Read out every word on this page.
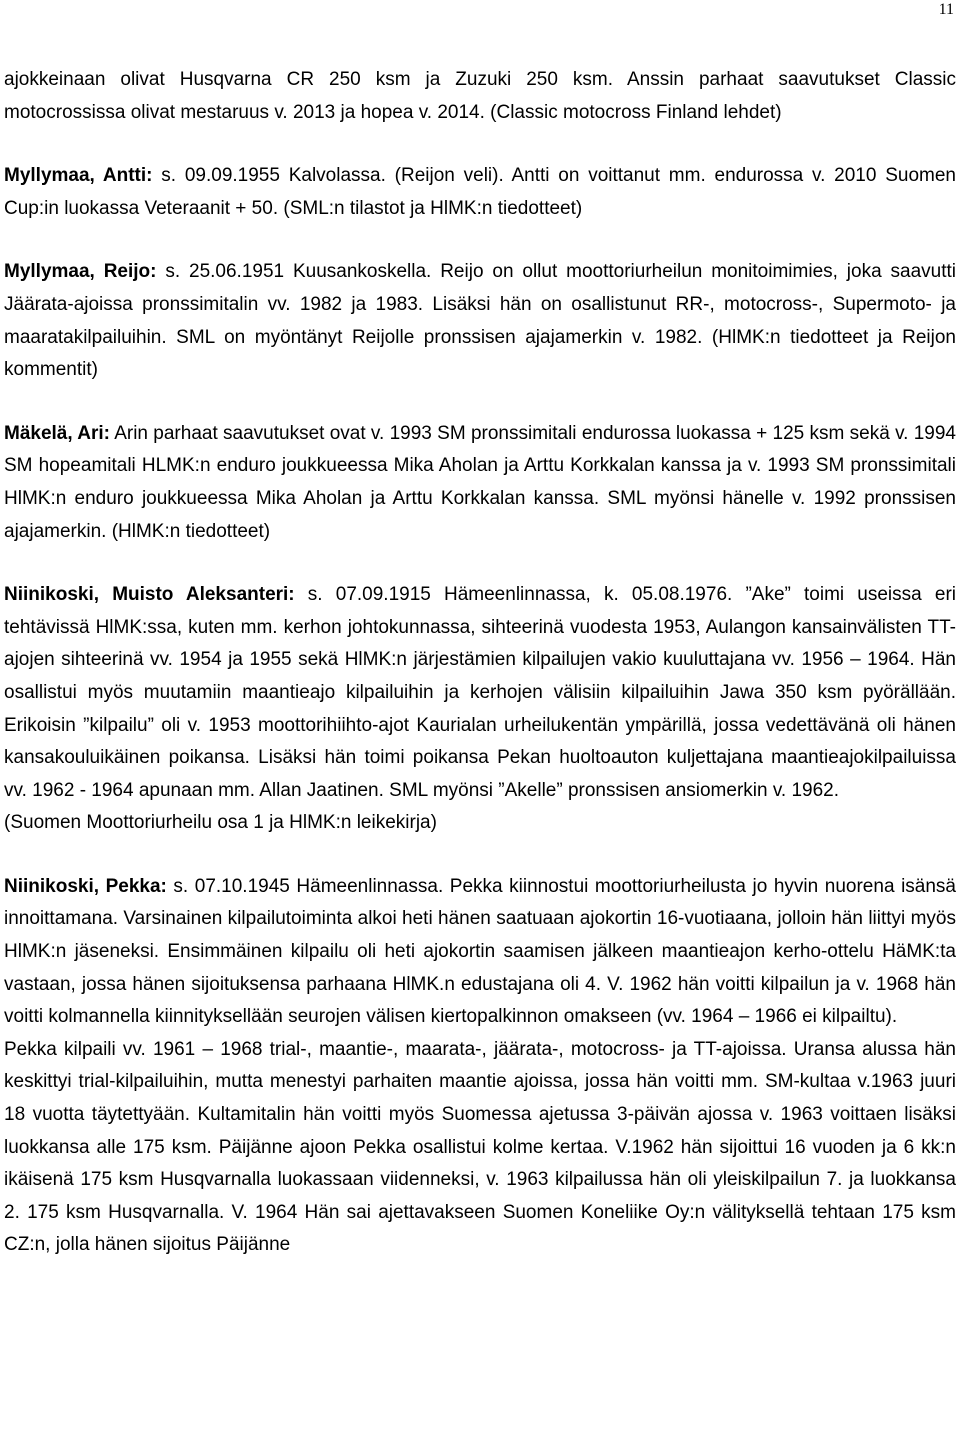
11

ajokkeinaan olivat Husqvarna CR 250 ksm ja Zuzuki 250 ksm. Anssin parhaat saavutukset Classic motocrossissa olivat mestaruus v. 2013 ja hopea v. 2014. (Classic motocross Finland lehdet)

Myllymaa, Antti: s. 09.09.1955 Kalvolassa. (Reijon veli). Antti on voittanut mm. endurossa v. 2010 Suomen Cup:in luokassa Veteraanit + 50. (SML:n tilastot ja HlMK:n tiedotteet)

Myllymaa, Reijo: s. 25.06.1951 Kuusankoskella. Reijo on ollut moottoriurheilun monitoimimies, joka saavutti Jäärata-ajoissa pronssimitalin vv. 1982 ja 1983. Lisäksi hän on osallistunut RR-, motocross-, Supermoto- ja maaratakilpailuihin. SML on myöntänyt Reijolle pronssisen ajajamerkin v. 1982. (HlMK:n tiedotteet ja Reijon kommentit)

Mäkelä, Ari: Arin parhaat saavutukset ovat v. 1993 SM pronssimitali endurossa luokassa + 125 ksm sekä v. 1994 SM hopeamitali HLMK:n enduro joukkueessa Mika Aholan ja Arttu Korkkalan kanssa ja v. 1993 SM pronssimitali HlMK:n enduro joukkueessa Mika Aholan ja Arttu Korkkalan kanssa. SML myönsi hänelle v. 1992 pronssisen ajajamerkin. (HlMK:n tiedotteet)

Niinikoski, Muisto Aleksanteri: s. 07.09.1915 Hämeenlinnassa, k. 05.08.1976. ”Ake” toimi useissa eri tehtävissä HlMK:ssa, kuten mm. kerhon johtokunnassa, sihteerinä vuodesta 1953, Aulangon kansainvälisten TT-ajojen sihteerinä vv. 1954 ja 1955 sekä HlMK:n järjestämien kilpailujen vakio kuuluttajana vv. 1956 – 1964. Hän osallistui myös muutamiin maantieajo kilpailuihin ja kerhojen välisiin kilpailuihin Jawa 350 ksm pyörällään. Erikoisin ”kilpailu” oli v. 1953 moottorihiihto-ajot Kaurialan urheilukentän ympärillä, jossa vedettävänä oli hänen kansakouluikäinen poikansa. Lisäksi hän toimi poikansa Pekan huoltoauton kuljettajana maantieajokilpailuissa vv. 1962 - 1964 apunaan mm. Allan Jaatinen. SML myönsi ”Akelle” pronssisen ansiomerkin v. 1962.

(Suomen Moottoriurheilu osa 1 ja HlMK:n leikekirja)

Niinikoski, Pekka: s. 07.10.1945 Hämeenlinnassa. Pekka kiinnostui moottoriurheilusta jo hyvin nuorena isänsä innoittamana. Varsinainen kilpailutoiminta alkoi heti hänen saatuaan ajokortin 16-vuotiaana, jolloin hän liittyi myös HlMK:n jäseneksi. Ensimmäinen kilpailu oli heti ajokortin saamisen jälkeen maantieajon kerho-ottelu HäMK:ta vastaan, jossa hänen sijoituksensa parhaana HlMK.n edustajana oli 4. V. 1962 hän voitti kilpailun ja v. 1968 hän voitti kolmannella kiinnityksellään seurojen välisen kiertopalkinnon omakseen (vv. 1964 – 1966 ei kilpailtu).

Pekka kilpaili vv. 1961 – 1968 trial-, maantie-, maarata-, jäärata-, motocross- ja TT-ajoissa. Uransa alussa hän keskittyi trial-kilpailuihin, mutta menestyi parhaiten maantie ajoissa, jossa hän voitti mm. SM-kultaa v.1963 juuri 18 vuotta täytettyään. Kultamitalin hän voitti myös Suomessa ajetussa 3-päivän ajossa v. 1963 voittaen lisäksi luokkansa alle 175 ksm. Päijänne ajoon Pekka osallistui kolme kertaa. V.1962 hän sijoittui 16 vuoden ja 6 kk:n ikäisenä 175 ksm Husqvarnalla luokassaan viidenneksi, v. 1963 kilpailussa hän oli yleiskilpailun 7. ja luokkansa 2. 175 ksm Husqvarnalla. V. 1964 Hän sai ajettavakseen Suomen Koneliike Oy:n välityksellä tehtaan 175 ksm CZ:n, jolla hänen sijoitus Päijänne
